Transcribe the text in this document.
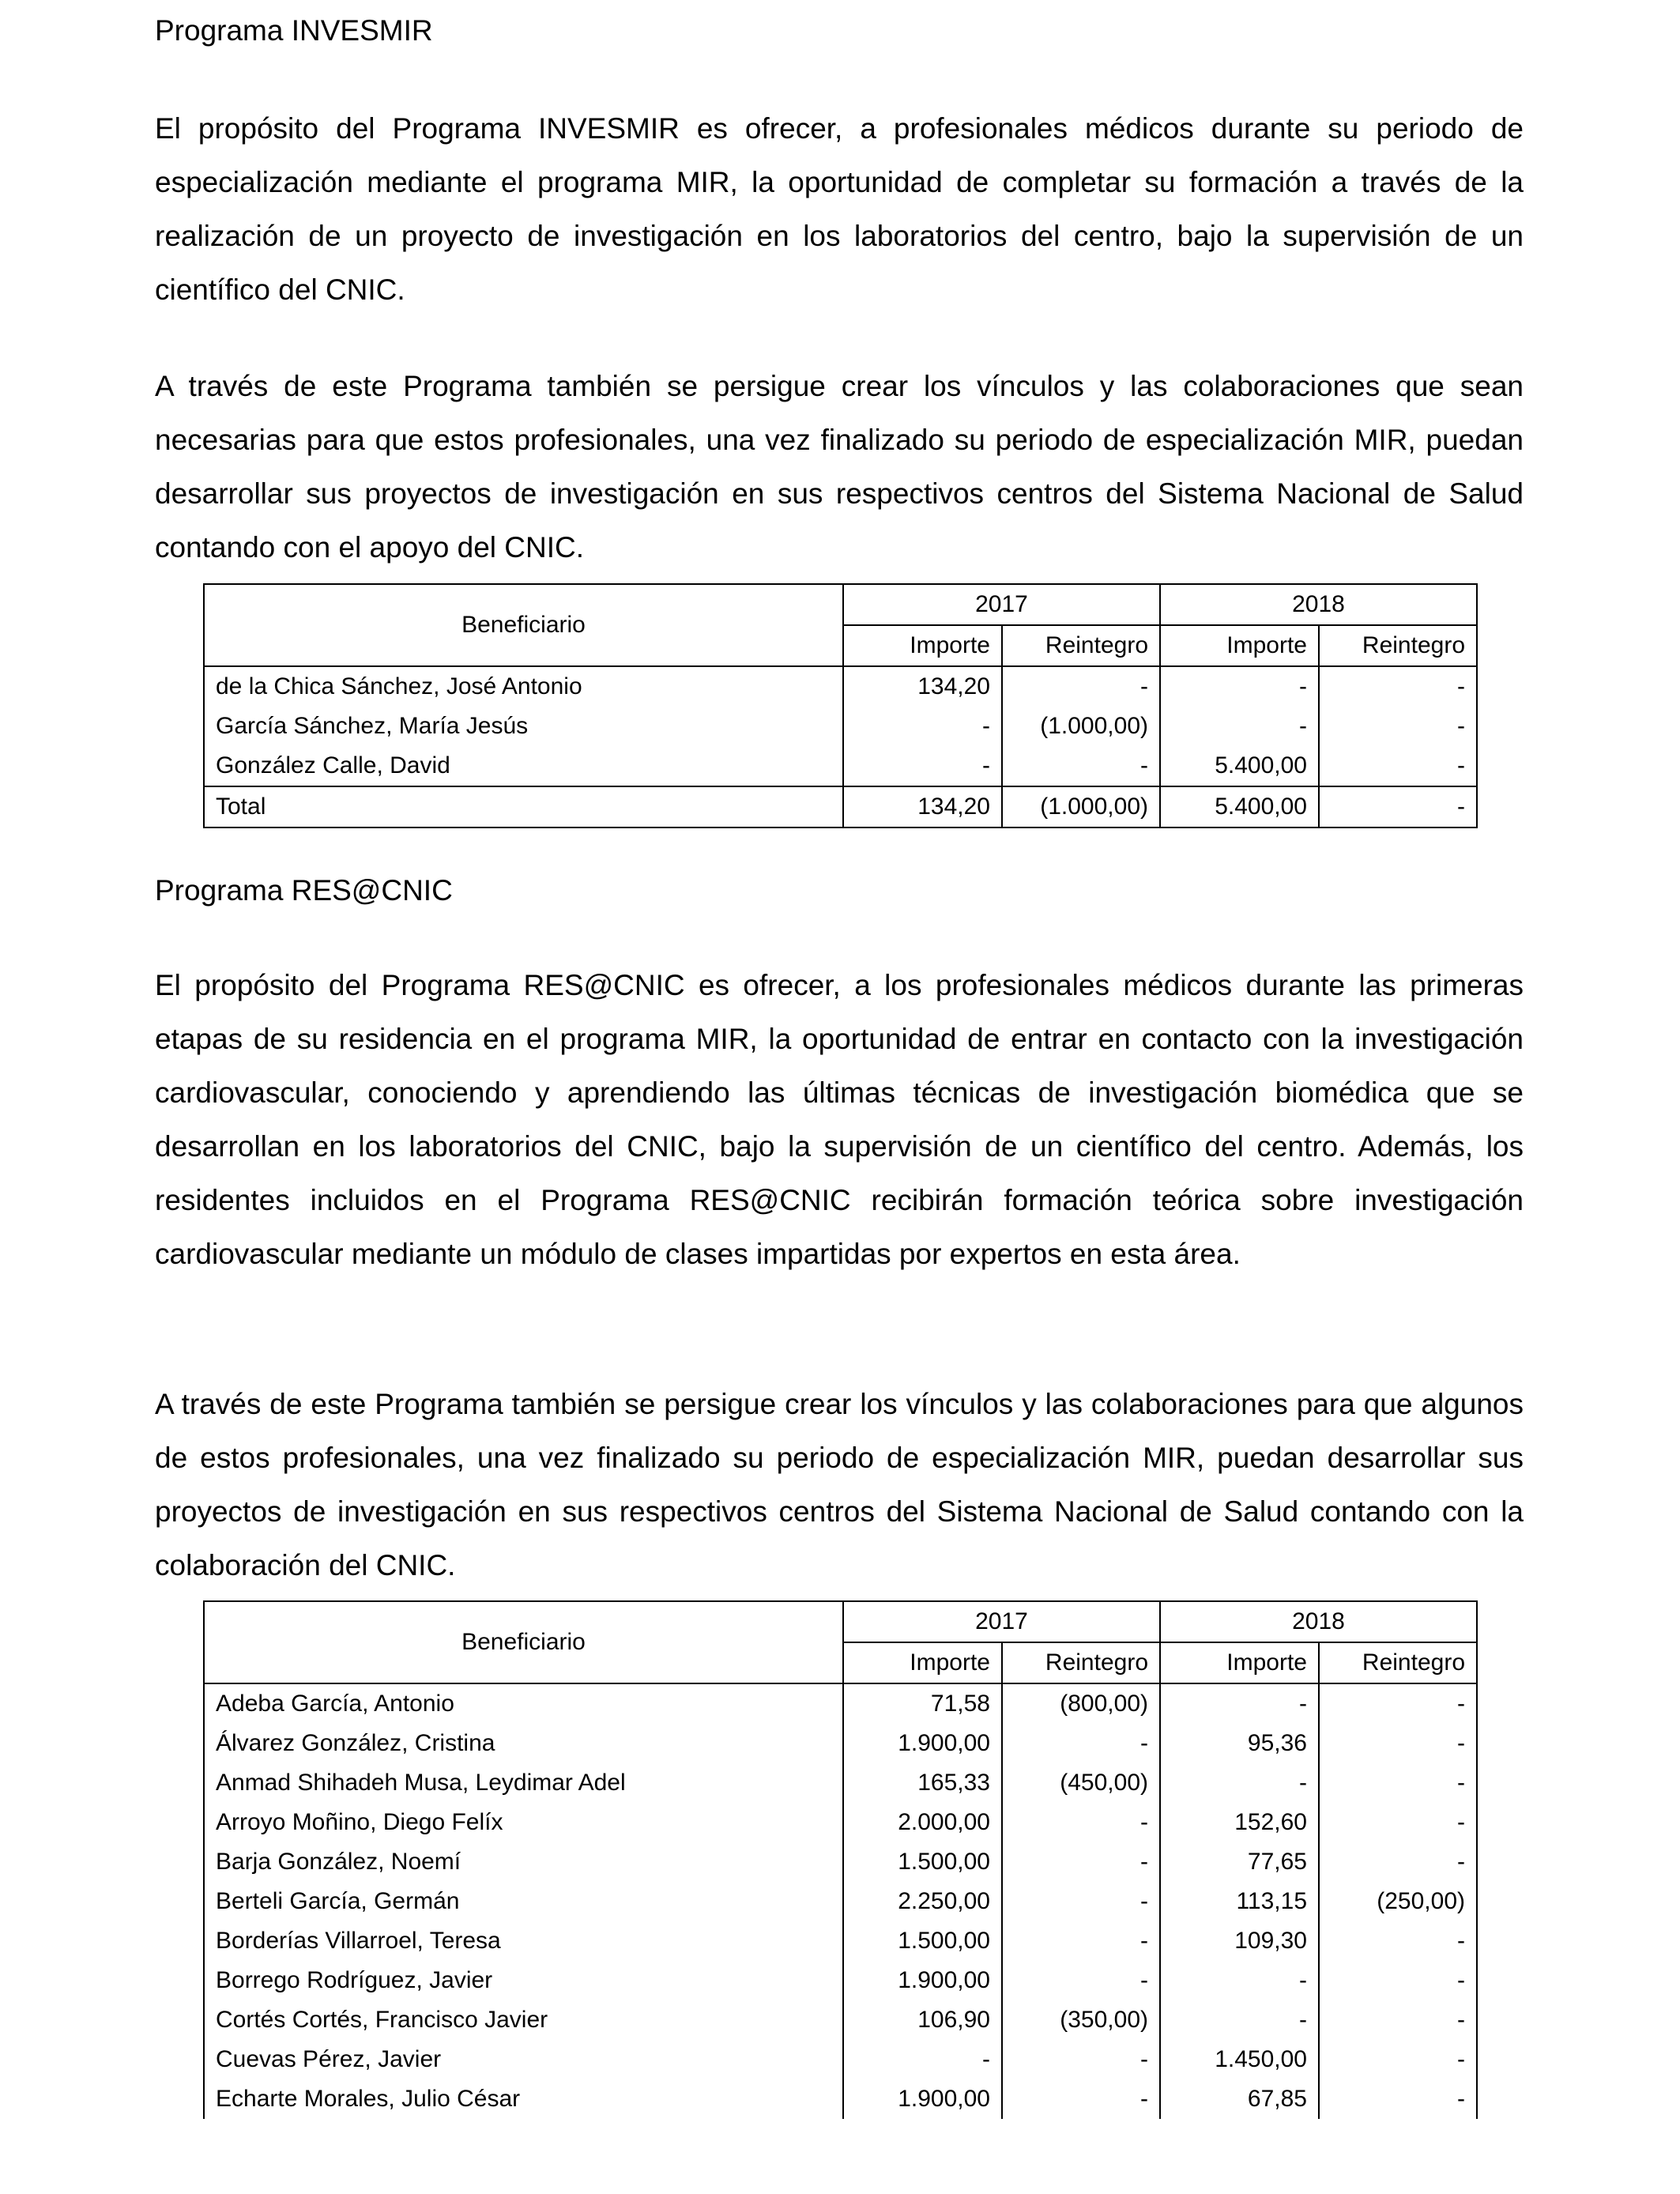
Programa INVESMIR

El propósito del Programa INVESMIR es ofrecer, a profesionales médicos durante su periodo de especialización mediante el programa MIR, la oportunidad de completar su formación a través de la realización de un proyecto de investigación en los laboratorios del centro, bajo la supervisión de un científico del CNIC.

A través de este Programa también se persigue crear los vínculos y las colaboraciones que sean necesarias para que estos profesionales, una vez finalizado su periodo de especialización MIR, puedan desarrollar sus proyectos de investigación en sus respectivos centros del Sistema Nacional de Salud contando con el apoyo del CNIC.

Beneficiario	2017		2018	
	Importe	Reintegro	Importe	Reintegro
de la Chica Sánchez, José Antonio	134,20	-	-	-
García Sánchez, María Jesús	-	(1.000,00)	-	-
González Calle, David	-	-	5.400,00	-
Total	134,20	(1.000,00)	5.400,00	-
Programa RES@CNIC

El propósito del Programa RES@CNIC es ofrecer, a los profesionales médicos durante las primeras etapas de su residencia en el programa MIR, la oportunidad de entrar en contacto con la investigación cardiovascular, conociendo y aprendiendo las últimas técnicas de investigación biomédica que se desarrollan en los laboratorios del CNIC, bajo la supervisión de un científico del centro. Además, los residentes incluidos en el Programa RES@CNIC recibirán formación teórica sobre investigación cardiovascular mediante un módulo de clases impartidas por expertos en esta área.

A través de este Programa también se persigue crear los vínculos y las colaboraciones para que algunos de estos profesionales, una vez finalizado su periodo de especialización MIR, puedan desarrollar sus proyectos de investigación en sus respectivos centros del Sistema Nacional de Salud contando con la colaboración del CNIC.

Beneficiario	2017		2018	
	Importe	Reintegro	Importe	Reintegro
Adeba García, Antonio	71,58	(800,00)	-	-
Álvarez González, Cristina	1.900,00	-	95,36	-
Anmad Shihadeh Musa, Leydimar Adel	165,33	(450,00)	-	-
Arroyo Moñino, Diego Felíx	2.000,00	-	152,60	-
Barja González, Noemí	1.500,00	-	77,65	-
Berteli García, Germán	2.250,00	-	113,15	(250,00)
Borderías Villarroel, Teresa	1.500,00	-	109,30	-
Borrego Rodríguez, Javier	1.900,00	-	-	-
Cortés Cortés, Francisco Javier	106,90	(350,00)	-	-
Cuevas Pérez, Javier	-	-	1.450,00	-
Echarte Morales, Julio César	1.900,00	-	67,85	-
